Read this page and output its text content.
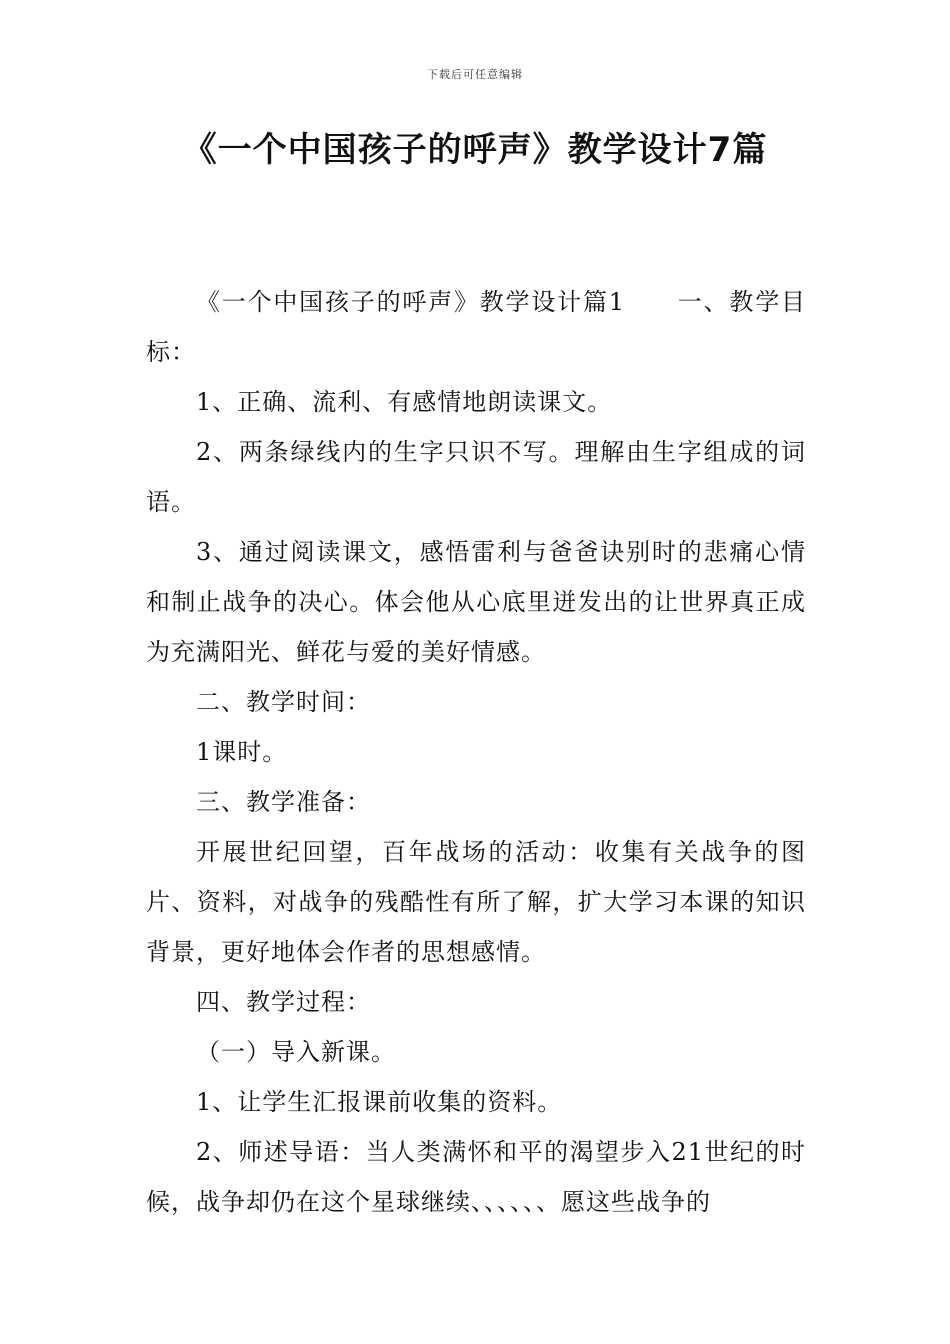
下载后可任意编辑
《一个中国孩子的呼声》教学设计7篇

《一个中国孩子的呼声》教学设计篇1 一、教学目标：

1、正确、流利、有感情地朗读课文。

2、两条绿线内的生字只识不写。理解由生字组成的词语。

3、通过阅读课文，感悟雷利与爸爸诀别时的悲痛心情和制止战争的决心。体会他从心底里迸发出的让世界真正成为充满阳光、鲜花与爱的美好情感。

二、教学时间：

1课时。

三、教学准备：

开展世纪回望，百年战场的活动：收集有关战争的图片、资料，对战争的残酷性有所了解，扩大学习本课的知识背景，更好地体会作者的思想感情。

四、教学过程：

（一）导入新课。

1、让学生汇报课前收集的资料。

2、师述导语：当人类满怀和平的渴望步入21世纪的时候，战争却仍在这个星球继续、、、、、、愿这些战争的
